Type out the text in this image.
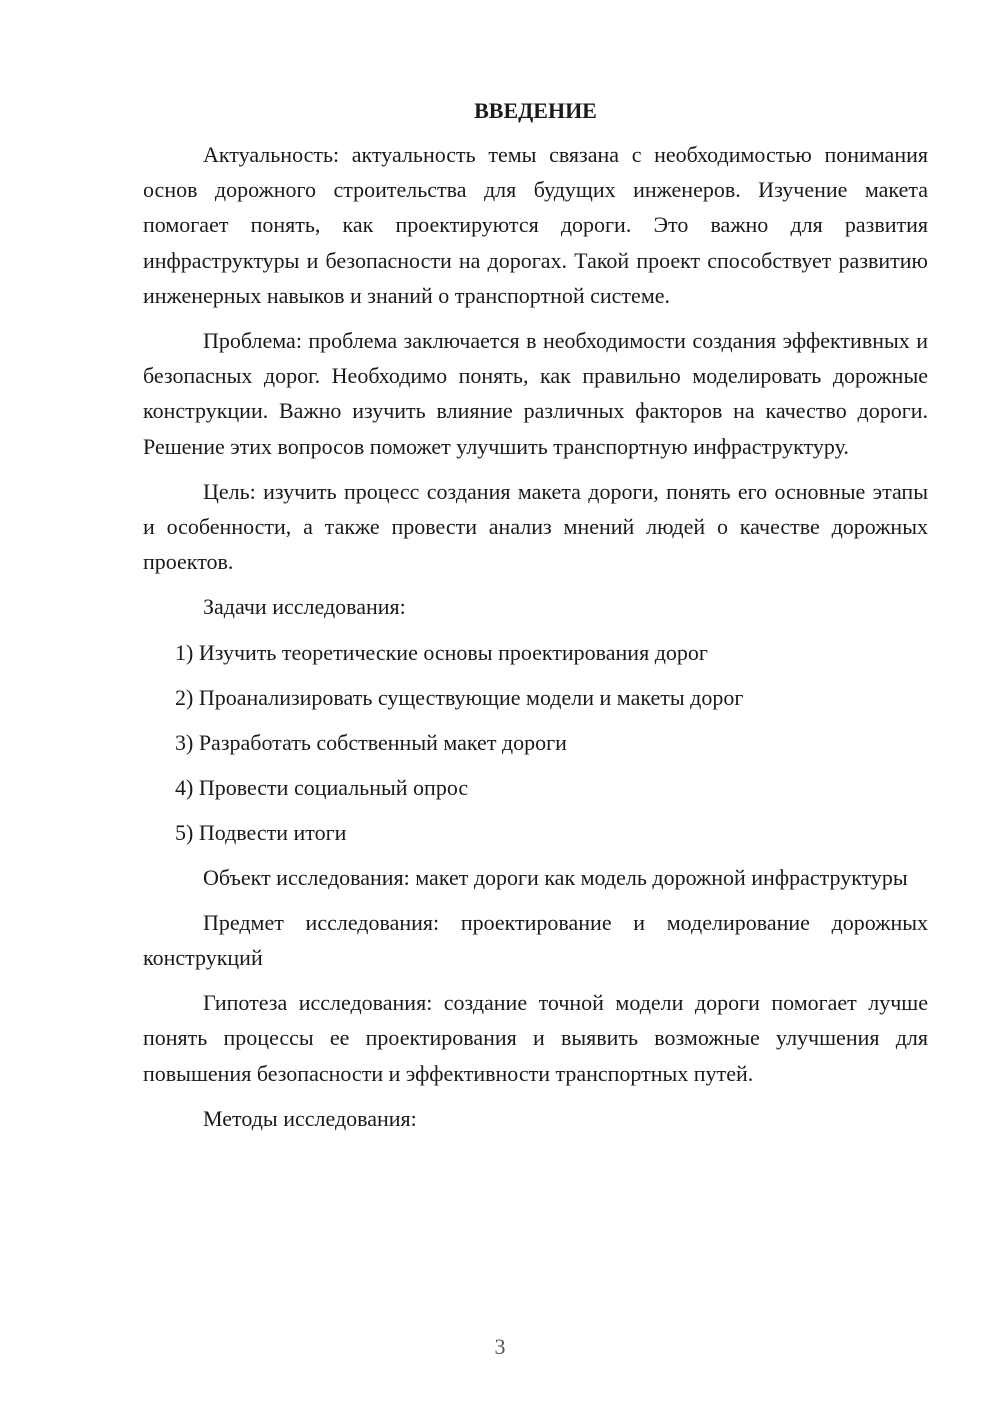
ВВЕДЕНИЕ

Актуальность: актуальность темы связана с необходимостью понимания основ дорожного строительства для будущих инженеров. Изучение макета помогает понять, как проектируются дороги. Это важно для развития инфраструктуры и безопасности на дорогах. Такой проект способствует развитию инженерных навыков и знаний о транспортной системе.

Проблема: проблема заключается в необходимости создания эффективных и безопасных дорог. Необходимо понять, как правильно моделировать дорожные конструкции. Важно изучить влияние различных факторов на качество дороги. Решение этих вопросов поможет улучшить транспортную инфраструктуру.

Цель: изучить процесс создания макета дороги, понять его основные этапы и особенности, а также провести анализ мнений людей о качестве дорожных проектов.

Задачи исследования:

1) Изучить теоретические основы проектирования дорог
2) Проанализировать существующие модели и макеты дорог
3) Разработать собственный макет дороги
4) Провести социальный опрос
5) Подвести итоги

Объект исследования: макет дороги как модель дорожной инфраструктуры

Предмет исследования: проектирование и моделирование дорожных конструкций

Гипотеза исследования: создание точной модели дороги помогает лучше понять процессы ее проектирования и выявить возможные улучшения для повышения безопасности и эффективности транспортных путей.

Методы исследования:

3
